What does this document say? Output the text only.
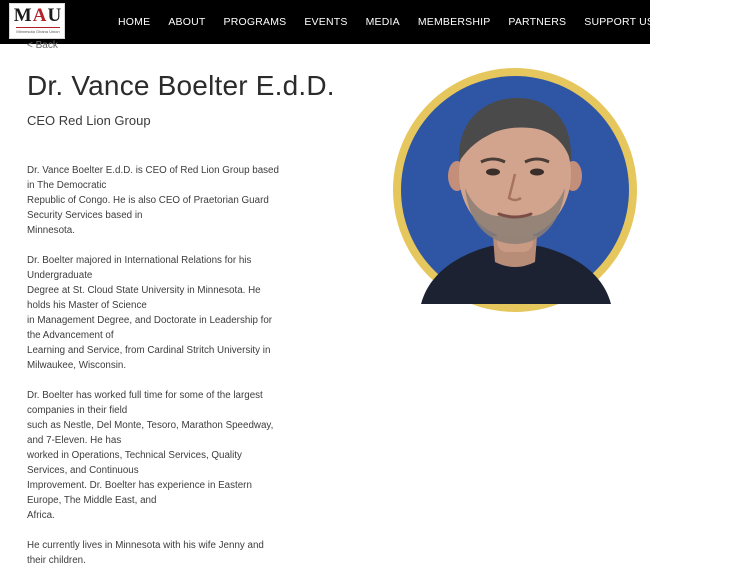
MAU
Minnesota Ghana Union
HOME ABOUT PROGRAMS EVENTS MEDIA MEMBERSHIP PARTNERS SUPPORT US REQUEST F
< Back
Dr. Vance Boelter E.d.D.
CEO Red Lion Group

Dr. Vance Boelter E.d.D. is CEO of Red Lion Group based
in The Democratic
Republic of Congo. He is also CEO of Praetorian Guard
Security Services based in
Minnesota.

Dr. Boelter majored in International Relations for his
Undergraduate
Degree at St. Cloud State University in Minnesota. He
holds his Master of Science
in Management Degree, and Doctorate in Leadership for
the Advancement of
Learning and Service, from Cardinal Stritch University in
Milwaukee, Wisconsin.

Dr. Boelter has worked full time for some of the largest
companies in their field
such as Nestle, Del Monte, Tesoro, Marathon Speedway,
and 7-Eleven. He has
worked in Operations, Technical Services, Quality
Services, and Continuous
Improvement. Dr. Boelter has experience in Eastern
Europe, The Middle East, and
Africa.

He currently lives in Minnesota with his wife Jenny and
their children.
